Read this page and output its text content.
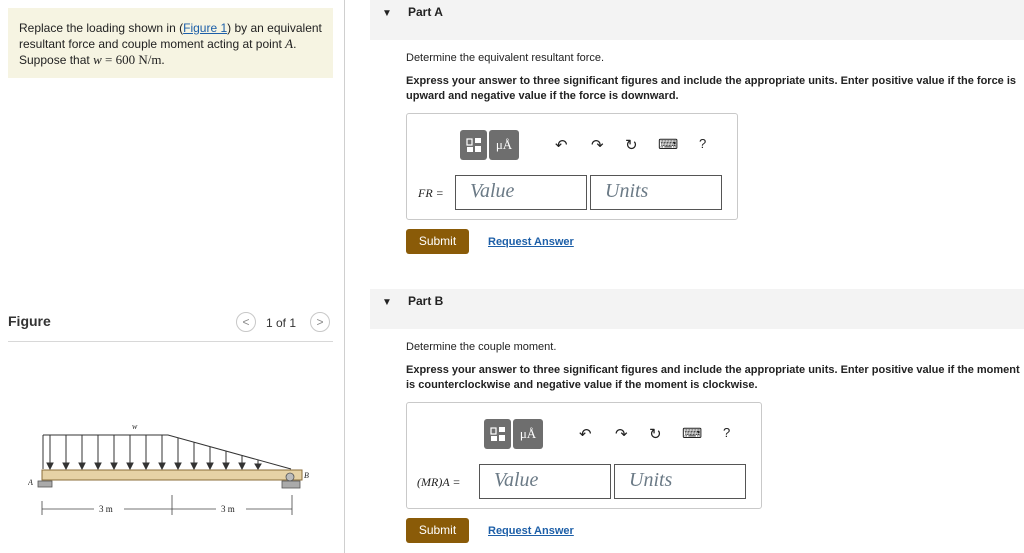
Replace the loading shown in (Figure 1) by an equivalent resultant force and couple moment acting at point A.
Suppose that w = 600 N/m.
Figure	<	1 of 1	>
w
A
B
3 m	3 m
▼ Part A
Determine the equivalent resultant force.
Express your answer to three significant figures and include the appropriate units. Enter positive value if the force is upward and negative value if the force is downward.
μÅ	↶ ↷ ↻ ⌨ ?
FR =	Value	Units
Submit	Request Answer
▼ Part B
Determine the couple moment.
Express your answer to three significant figures and include the appropriate units. Enter positive value if the moment is counterclockwise and negative value if the moment is clockwise.
μÅ	↶ ↷ ↻ ⌨ ?
(MR)A =	Value	Units
Submit	Request Answer
